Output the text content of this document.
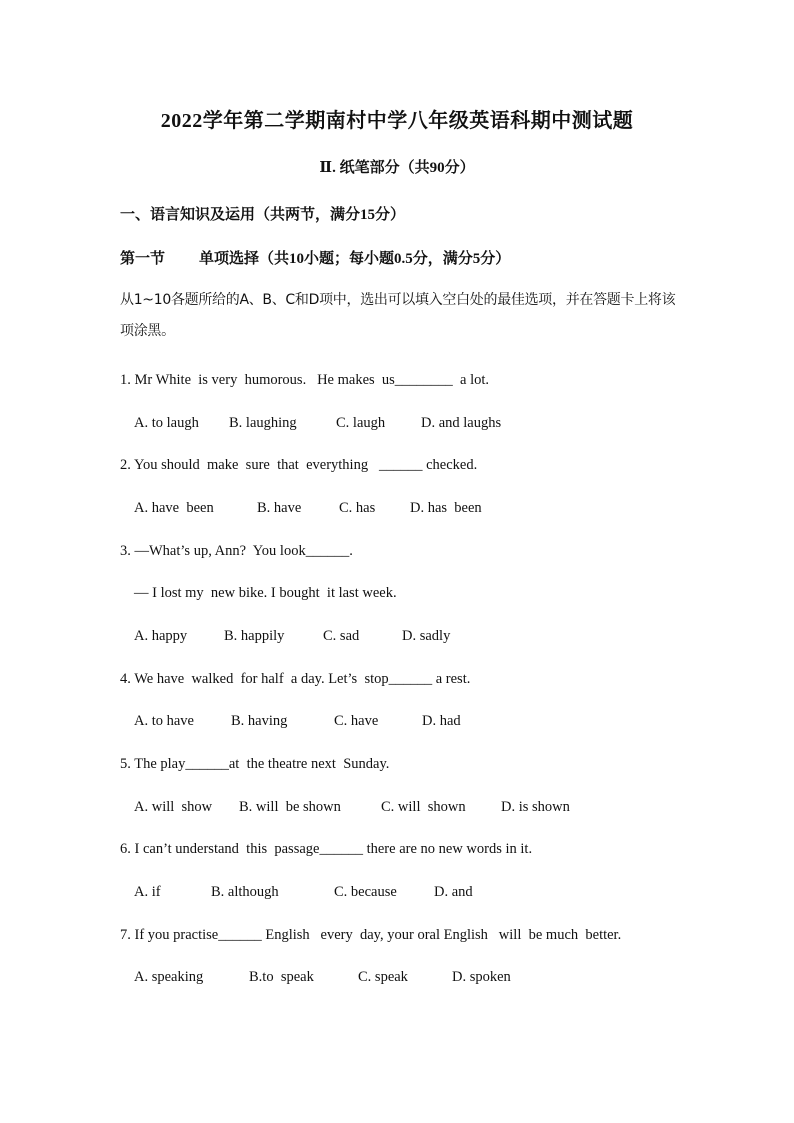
2022学年第二学期南村中学八年级英语科期中测试题
Ⅱ. 纸笔部分（共90分）
一、语言知识及运用（共两节，满分15分）
第一节 单项选择（共10小题；每小题0.5分，满分5分）
从1~10各题所给的A、B、C和D项中，选出可以填入空白处的最佳选项，并在答题卡上将该项涂黑。
1. Mr White  is very  humorous.   He makes  us________  a lot.

A. to laugh

B. laughing

	C. laugh

D. and laughs

2. You should  make  sure  that  everything   ______ checked.

A. have  been

	B. have

	C. has

D. has  been

3. —What’s up, Ann?  You look______.
— I lost my  new bike. I bought  it last week.

A. happy

	B. happily

	C. sad

	D. sadly

4. We have  walked  for half  a day. Let’s  stop______ a rest.

A. to have

	B. having

	C. have

	D. had

5. The play______at  the theatre next  Sunday.

A. will  show

B. will  be shown

	C. will  shown

D. is shown

6. I can’t understand  this  passage______ there are no new words in it.

A. if

	B. although

	C. because

	D. and

7. If you practise______ English   every  day, your oral English   will  be much  better.

A. speaking

	B.to  speak

	C. speak

	D. spoken
